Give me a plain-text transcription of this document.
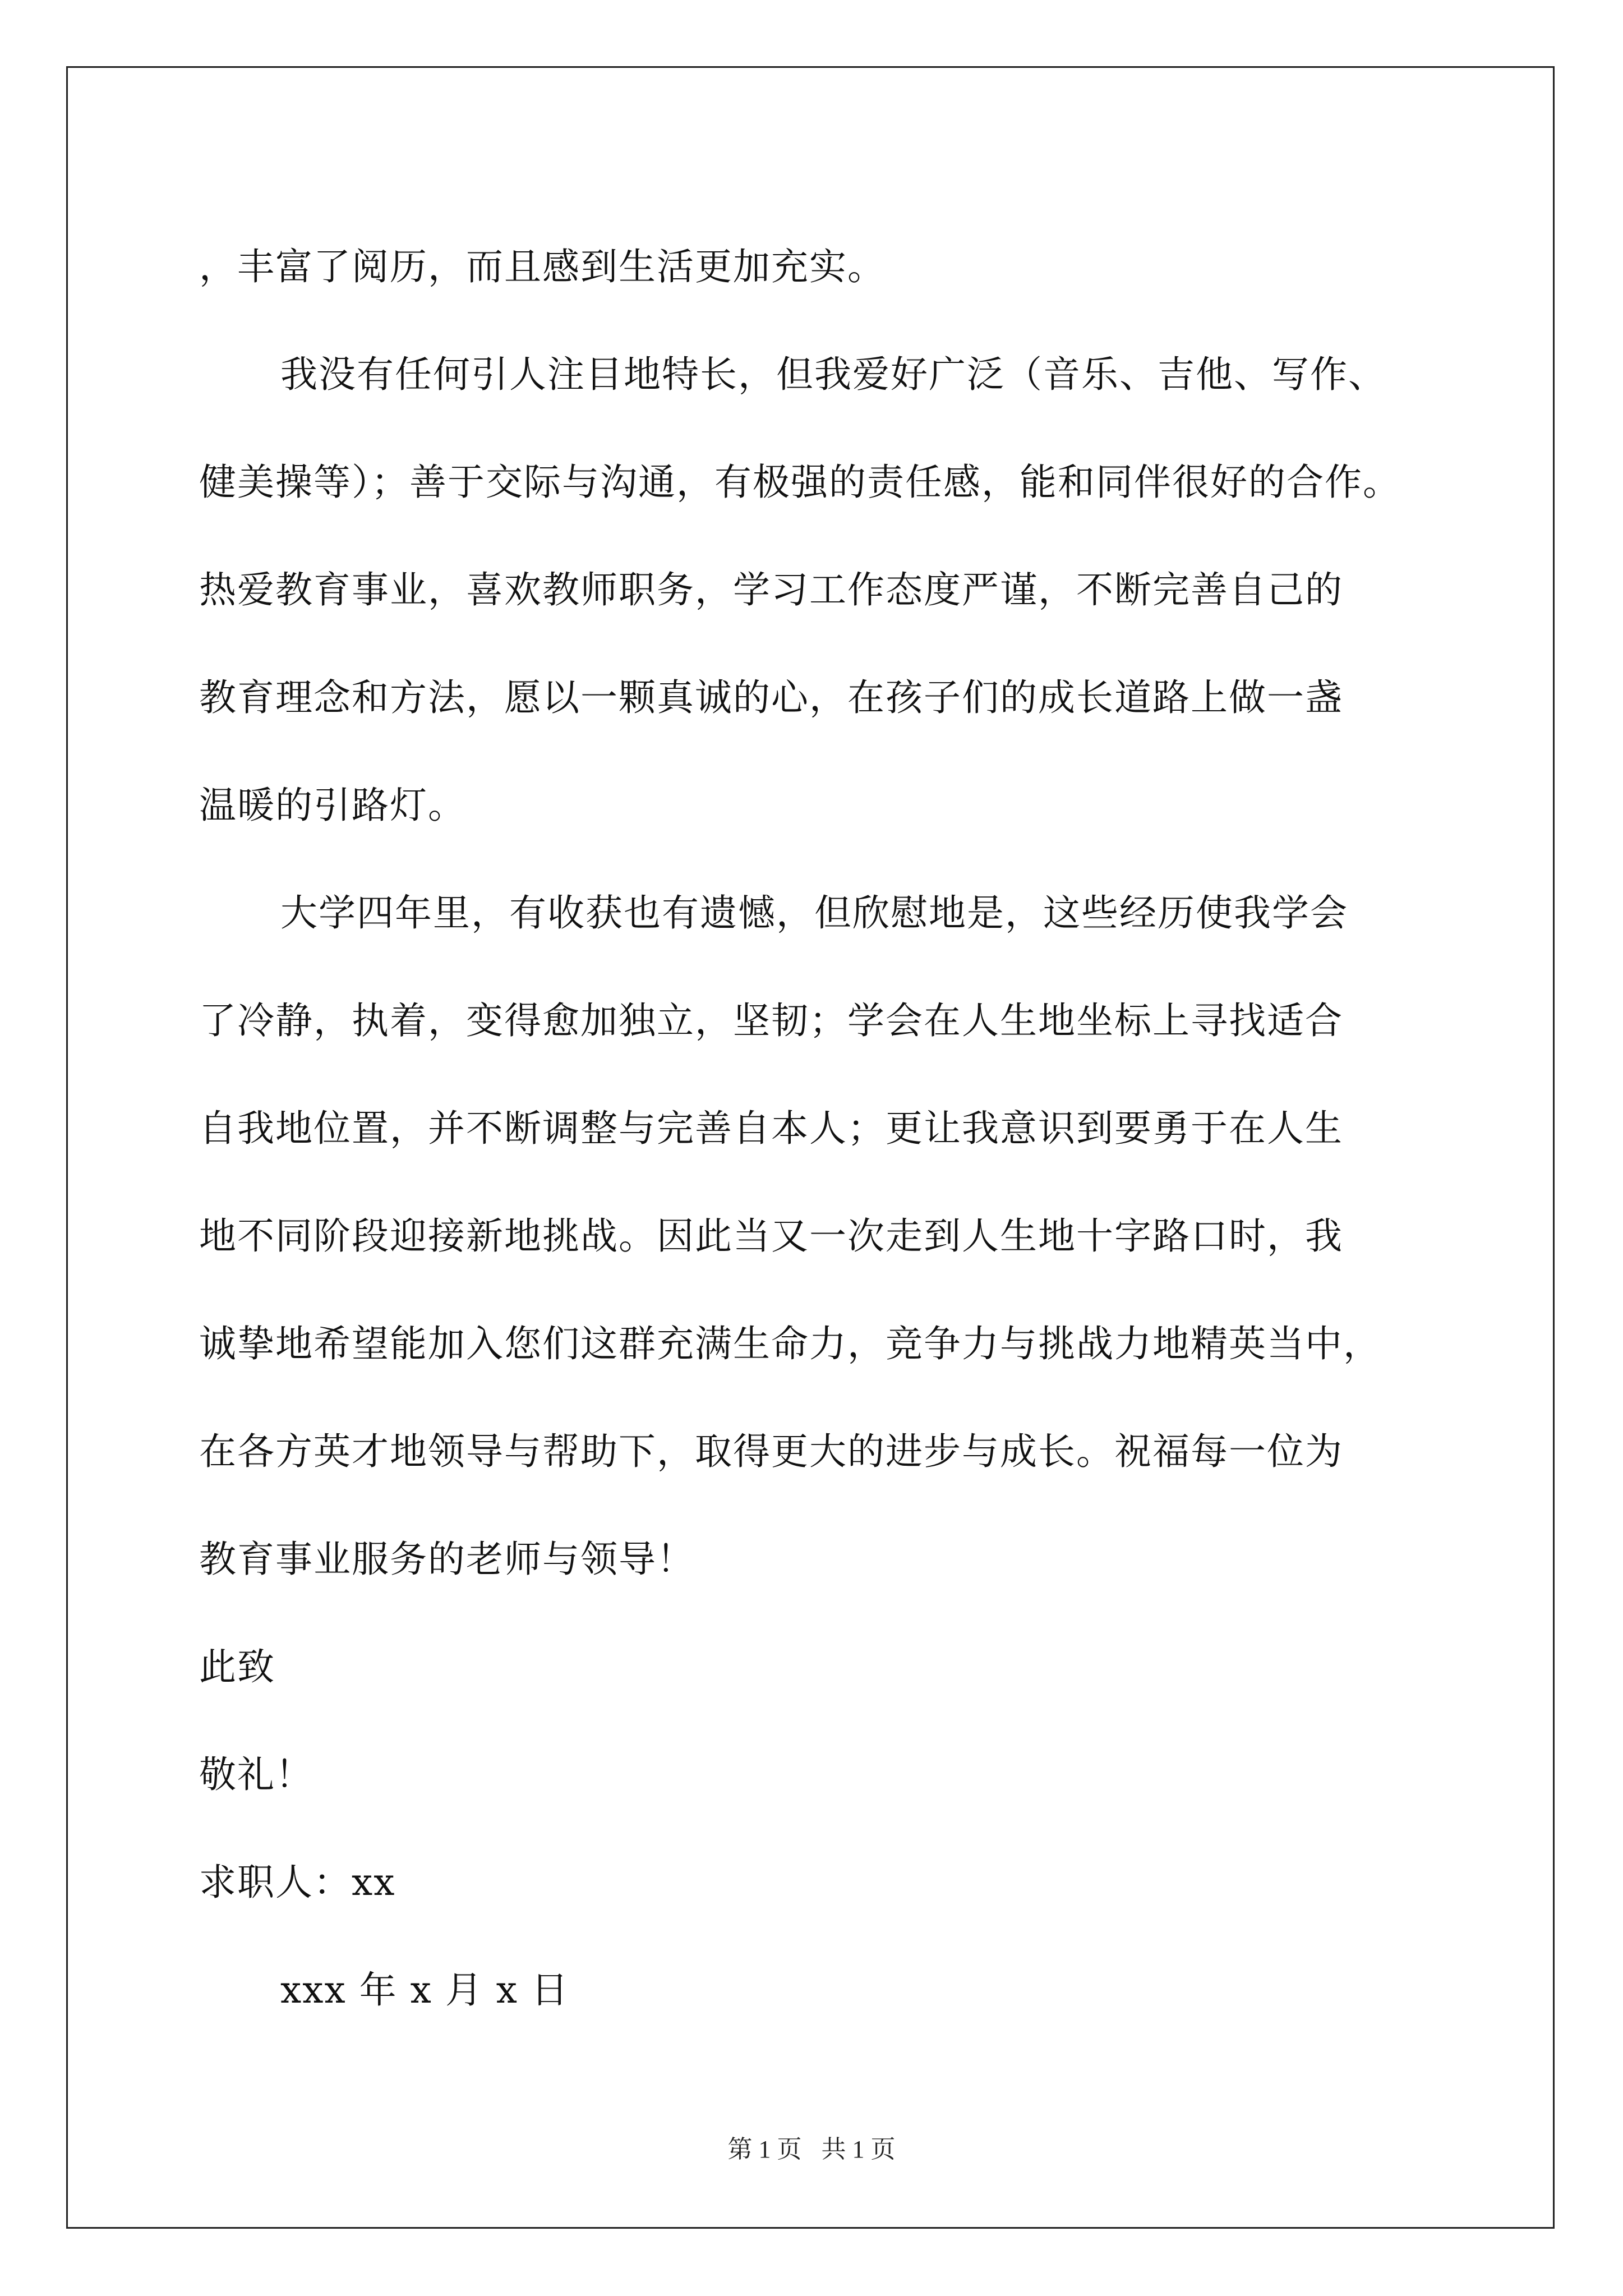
，丰富了阅历，而且感到生活更加充实。
我没有任何引人注目地特长，但我爱好广泛（音乐、吉他、写作、
健美操等）；善于交际与沟通，有极强的责任感，能和同伴很好的合作。
热爱教育事业，喜欢教师职务，学习工作态度严谨，不断完善自己的
教育理念和方法，愿以一颗真诚的心，在孩子们的成长道路上做一盏
温暖的引路灯。
大学四年里，有收获也有遗憾，但欣慰地是，这些经历使我学会
了冷静，执着，变得愈加独立，坚韧；学会在人生地坐标上寻找适合
自我地位置，并不断调整与完善自本人；更让我意识到要勇于在人生
地不同阶段迎接新地挑战。因此当又一次走到人生地十字路口时，我
诚挚地希望能加入您们这群充满生命力，竞争力与挑战力地精英当中，
在各方英才地领导与帮助下，取得更大的进步与成长。祝福每一位为
教育事业服务的老师与领导！
此致
敬礼！
求职人：xx
xxx 年 x 月 x 日
第 1 页 共 1 页
